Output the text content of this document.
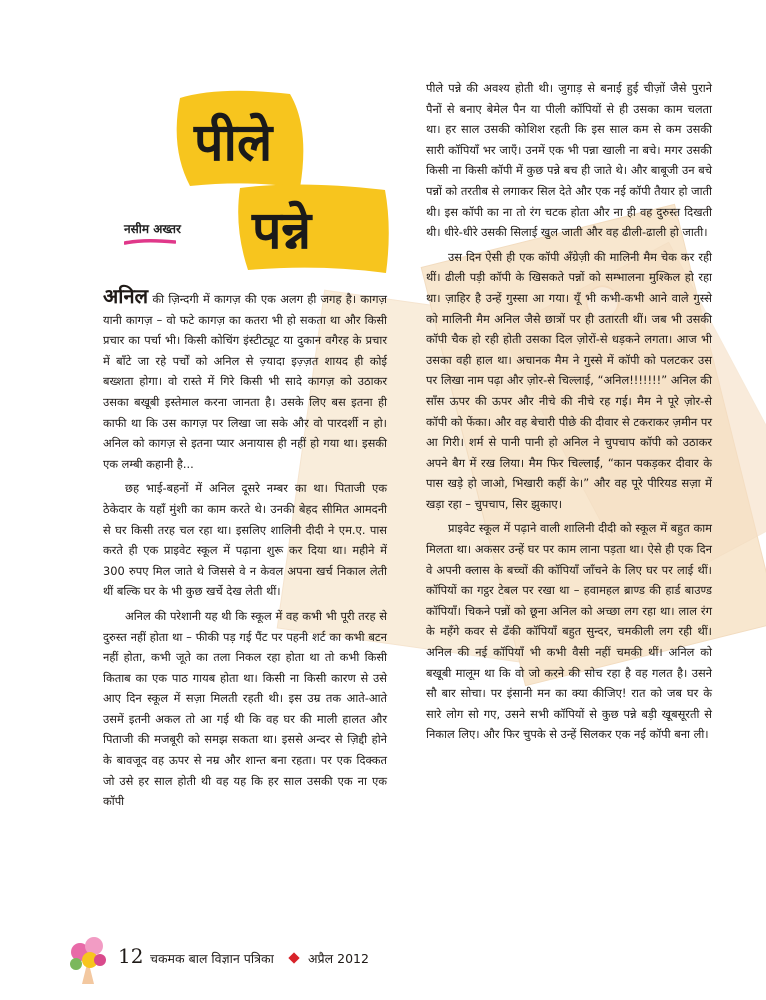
पीले
पन्ने
नसीम अख्तर

अनिल की ज़िन्दगी में कागज़ की एक अलग ही जगह है। कागज़ यानी कागज़ – वो फटे कागज़ का कतरा भी हो सकता था और किसी प्रचार का पर्चा भी। किसी कोचिंग इंस्टीट्यूट या दुकान वगैरह के प्रचार में बाँटे जा रहे पर्चों को अनिल से ज़्यादा इज़्ज़त शायद ही कोई बख्शता होगा। वो रास्ते में गिरे किसी भी सादे कागज़ को उठाकर उसका बखूबी इस्तेमाल करना जानता है। उसके लिए बस इतना ही काफी था कि उस कागज़ पर लिखा जा सके और वो पारदर्शी न हो। अनिल को कागज़ से इतना प्यार अनायास ही नहीं हो गया था। इसकी एक लम्बी कहानी है...

छह भाई-बहनों में अनिल दूसरे नम्बर का था। पिताजी एक ठेकेदार के यहाँ मुंशी का काम करते थे। उनकी बेहद सीमित आमदनी से घर किसी तरह चल रहा था। इसलिए शालिनी दीदी ने एम.ए. पास करते ही एक प्राइवेट स्कूल में पढ़ाना शुरू कर दिया था। महीने में 300 रुपए मिल जाते थे जिससे वे न केवल अपना खर्च निकाल लेती थीं बल्कि घर के भी कुछ खर्चे देख लेती थीं।

अनिल की परेशानी यह थी कि स्कूल में वह कभी भी पूरी तरह से दुरुस्त नहीं होता था – फीकी पड़ गई पैंट पर पहनी शर्ट का कभी बटन नहीं होता, कभी जूते का तला निकल रहा होता था तो कभी किसी किताब का एक पाठ गायब होता था। किसी ना किसी कारण से उसे आए दिन स्कूल में सज़ा मिलती रहती थी। इस उम्र तक आते-आते उसमें इतनी अकल तो आ गई थी कि वह घर की माली हालत और पिताजी की मजबूरी को समझ सकता था। इससे अन्दर से ज़िद्दी होने के बावजूद वह ऊपर से नम्र और शान्त बना रहता। पर एक दिक्कत जो उसे हर साल होती थी वह यह कि हर साल उसकी एक ना एक कॉपी

पीले पन्ने की अवश्य होती थी। जुगाड़ से बनाई हुई चीज़ों जैसे पुराने पैनों से बनाए बेमेल पैन या पीली कॉपियों से ही उसका काम चलता था। हर साल उसकी कोशिश रहती कि इस साल कम से कम उसकी सारी कॉपियाँ भर जाएँ। उनमें एक भी पन्ना खाली ना बचे। मगर उसकी किसी ना किसी कॉपी में कुछ पन्ने बच ही जाते थे। और बाबूजी उन बचे पन्नों को तरतीब से लगाकर सिल देते और एक नई कॉपी तैयार हो जाती थी। इस कॉपी का ना तो रंग चटक होता और ना ही वह दुरुस्त दिखती थी। धीरे-धीरे उसकी सिलाई खुल जाती और वह ढीली-ढाली हो जाती।

उस दिन ऐसी ही एक कॉपी अँग्रेज़ी की मालिनी मैम चेक कर रही थीं। ढीली पड़ी कॉपी के खिसकते पन्नों को सम्भालना मुश्किल हो रहा था। ज़ाहिर है उन्हें गुस्सा आ गया। यूँ भी कभी-कभी आने वाले गुस्से को मालिनी मैम अनिल जैसे छात्रों पर ही उतारती थीं। जब भी उसकी कॉपी चैक हो रही होती उसका दिल ज़ोरों-से धड़कने लगता। आज भी उसका वही हाल था। अचानक मैम ने गुस्से में कॉपी को पलटकर उस पर लिखा नाम पढ़ा और ज़ोर-से चिल्लाई, “अनिल!!!!!!!” अनिल की साँस ऊपर की ऊपर और नीचे की नीचे रह गई। मैम ने पूरे ज़ोर-से कॉपी को फेंका। और वह बेचारी पीछे की दीवार से टकराकर ज़मीन पर आ गिरी। शर्म से पानी पानी हो अनिल ने चुपचाप कॉपी को उठाकर अपने बैग में रख लिया। मैम फिर चिल्लाईं, “कान पकड़कर दीवार के पास खड़े हो जाओ, भिखारी कहीं के।” और वह पूरे पीरियड सज़ा में खड़ा रहा – चुपचाप, सिर झुकाए।

प्राइवेट स्कूल में पढ़ाने वाली शालिनी दीदी को स्कूल में बहुत काम मिलता था। अकसर उन्हें घर पर काम लाना पड़ता था। ऐसे ही एक दिन वे अपनी क्लास के बच्चों की कॉपियाँ जाँचने के लिए घर पर लाई थीं। कॉपियों का गट्ठर टेबल पर रखा था – हवामहल ब्राण्ड की हार्ड बाउण्ड कॉपियाँ। चिकने पन्नों को छूना अनिल को अच्छा लग रहा था। लाल रंग के महँगे कवर से ढँकी कॉपियाँ बहुत सुन्दर, चमकीली लग रही थीं। अनिल की नई कॉपियाँ भी कभी वैसी नहीं चमकी थीं। अनिल को बखूबी मालूम था कि वो जो करने की सोच रहा है वह गलत है। उसने सौ बार सोचा। पर इंसानी मन का क्या कीजिए! रात को जब घर के सारे लोग सो गए, उसने सभी कॉपियों से कुछ पन्ने बड़ी खूबसूरती से निकाल लिए। और फिर चुपके से उन्हें सिलकर एक नई कॉपी बना ली।

12 चकमक बाल विज्ञान पत्रिका	अप्रैल 2012
